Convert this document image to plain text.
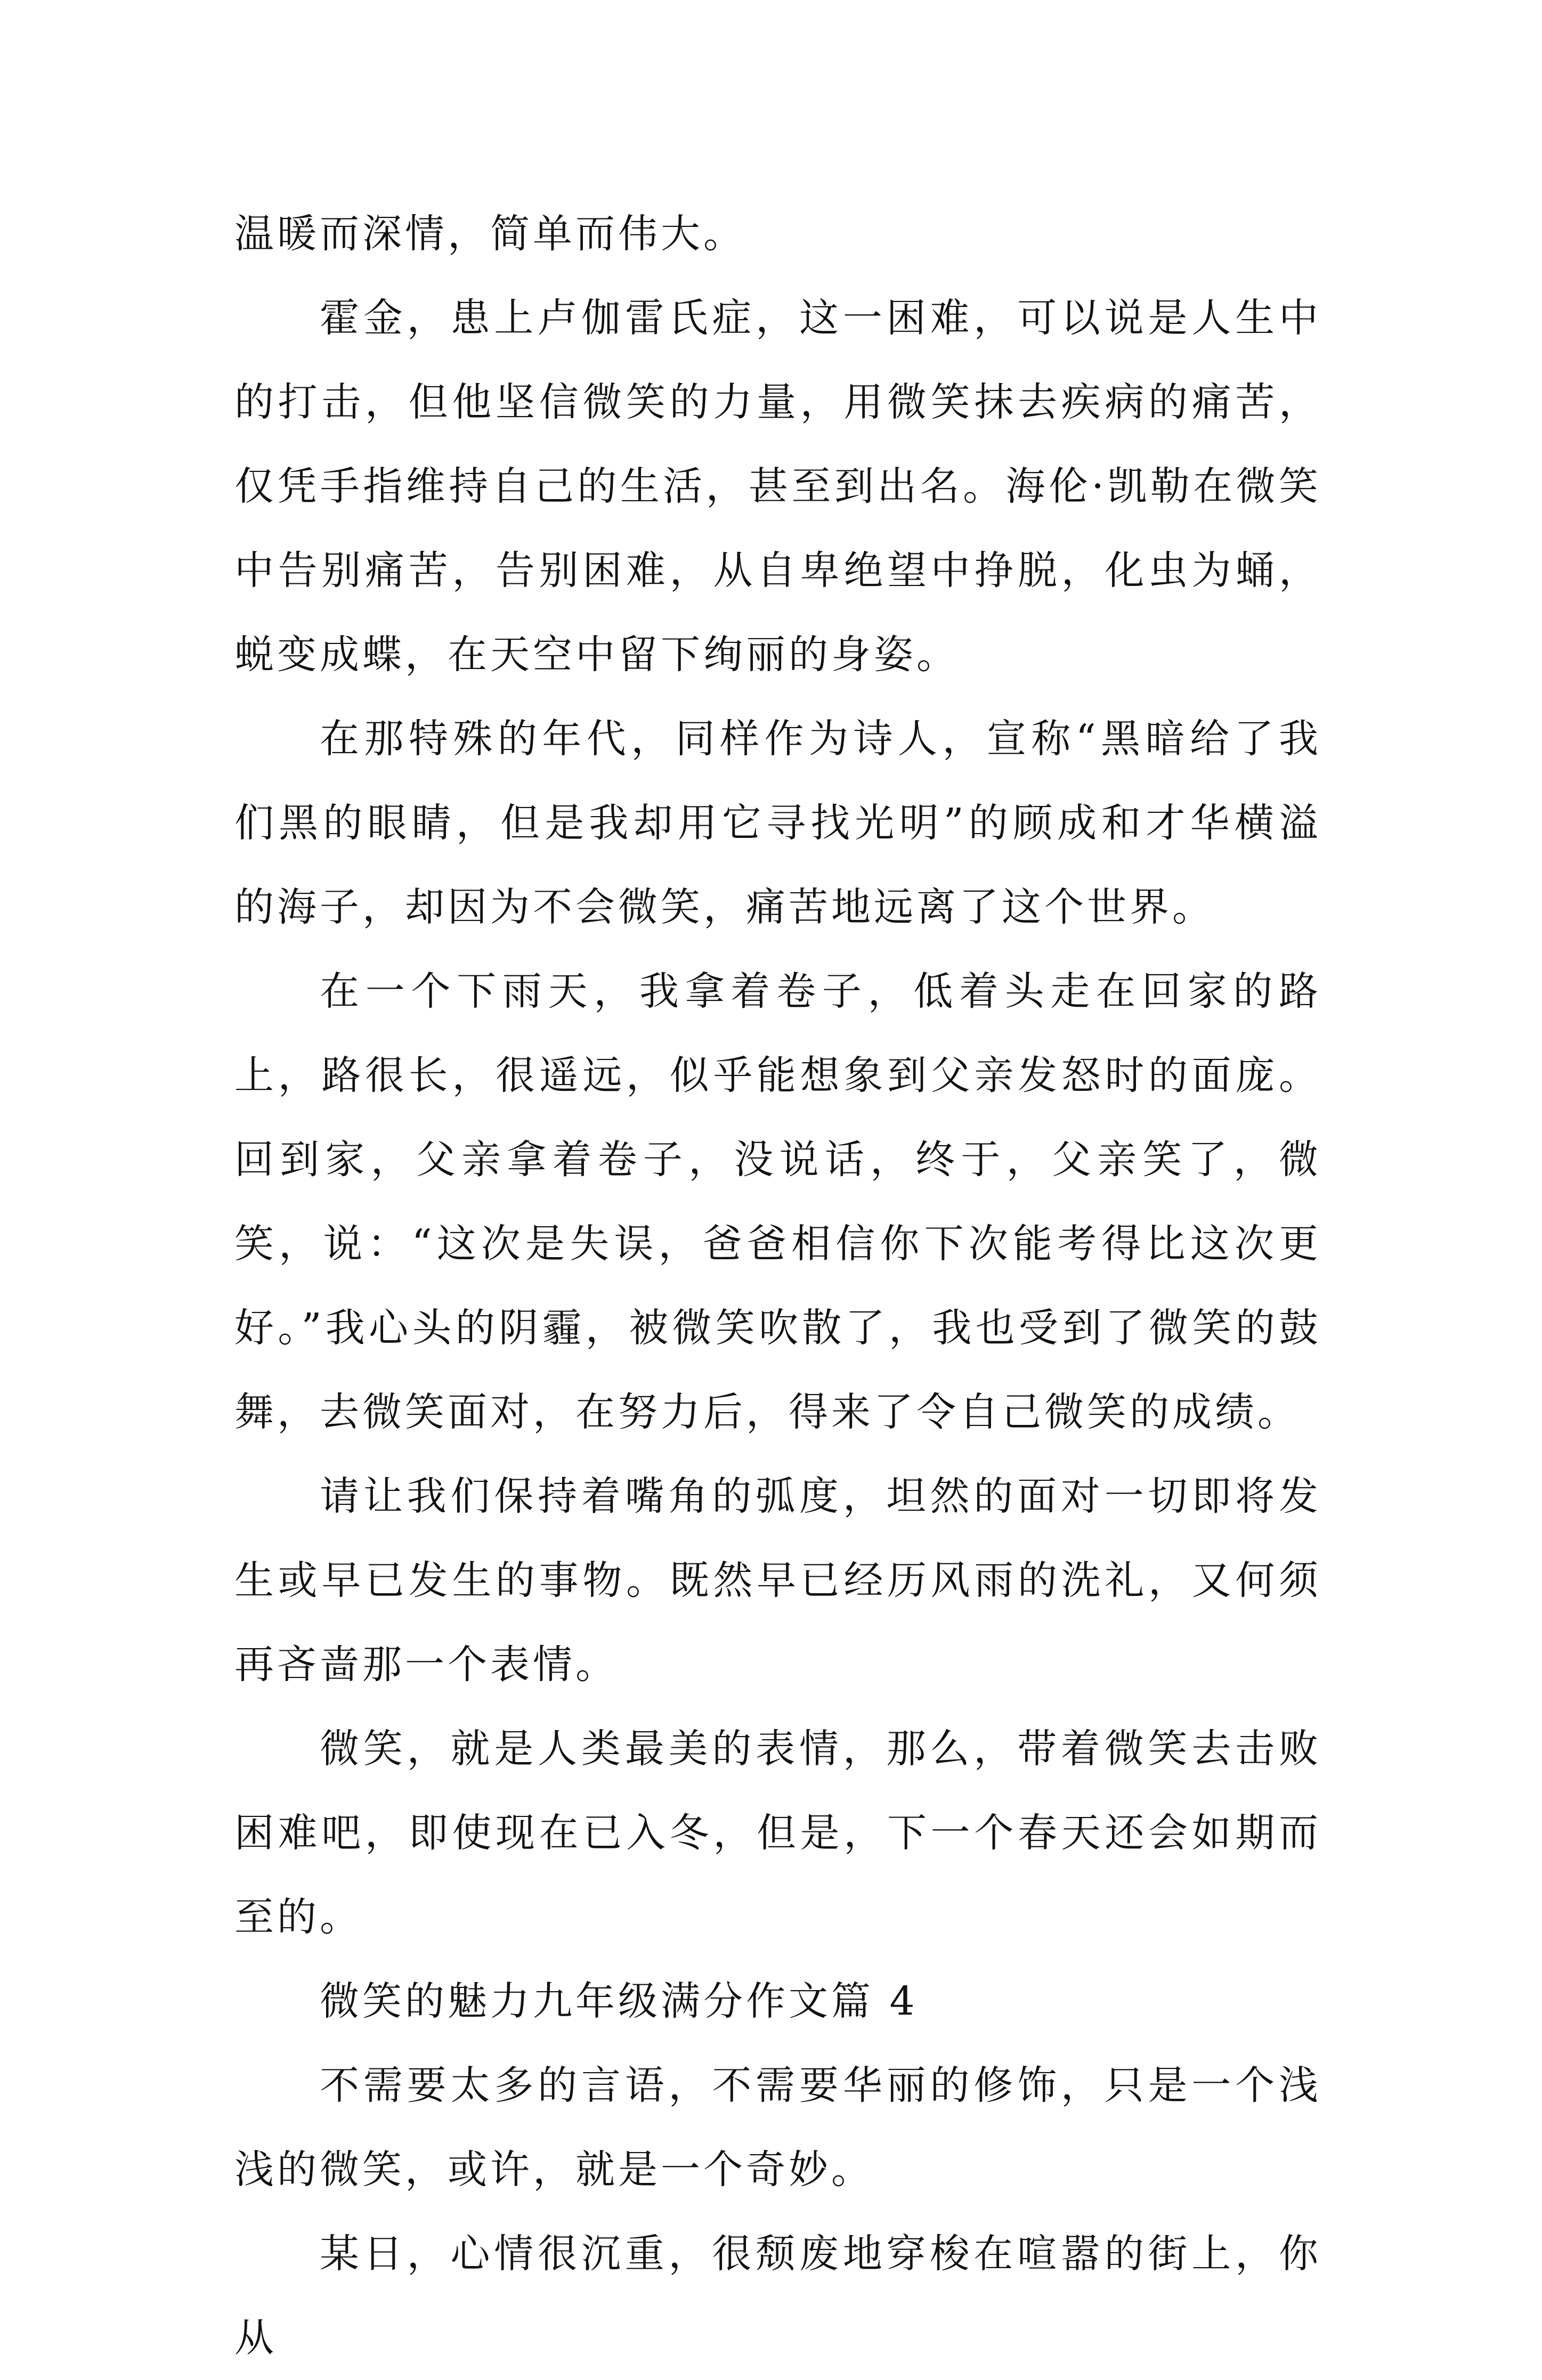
温暖而深情，简单而伟大。

霍金，患上卢伽雷氏症，这一困难，可以说是人生中的打击，但他坚信微笑的力量，用微笑抹去疾病的痛苦，仅凭手指维持自己的生活，甚至到出名。海伦·凯勒在微笑中告别痛苦，告别困难，从自卑绝望中挣脱，化虫为蛹，蜕变成蝶，在天空中留下绚丽的身姿。

在那特殊的年代，同样作为诗人，宣称“黑暗给了我们黑的眼睛，但是我却用它寻找光明”的顾成和才华横溢的海子，却因为不会微笑，痛苦地远离了这个世界。

在一个下雨天，我拿着卷子，低着头走在回家的路上，路很长，很遥远，似乎能想象到父亲发怒时的面庞。回到家，父亲拿着卷子，没说话，终于，父亲笑了，微笑，说：“这次是失误，爸爸相信你下次能考得比这次更好。”我心头的阴霾，被微笑吹散了，我也受到了微笑的鼓舞，去微笑面对，在努力后，得来了令自己微笑的成绩。

请让我们保持着嘴角的弧度，坦然的面对一切即将发生或早已发生的事物。既然早已经历风雨的洗礼，又何须再吝啬那一个表情。

微笑，就是人类最美的表情，那么，带着微笑去击败困难吧，即使现在已入冬，但是，下一个春天还会如期而至的。

微笑的魅力九年级满分作文篇 4

不需要太多的言语，不需要华丽的修饰，只是一个浅浅的微笑，或许，就是一个奇妙。

某日，心情很沉重，很颓废地穿梭在喧嚣的街上，你从
